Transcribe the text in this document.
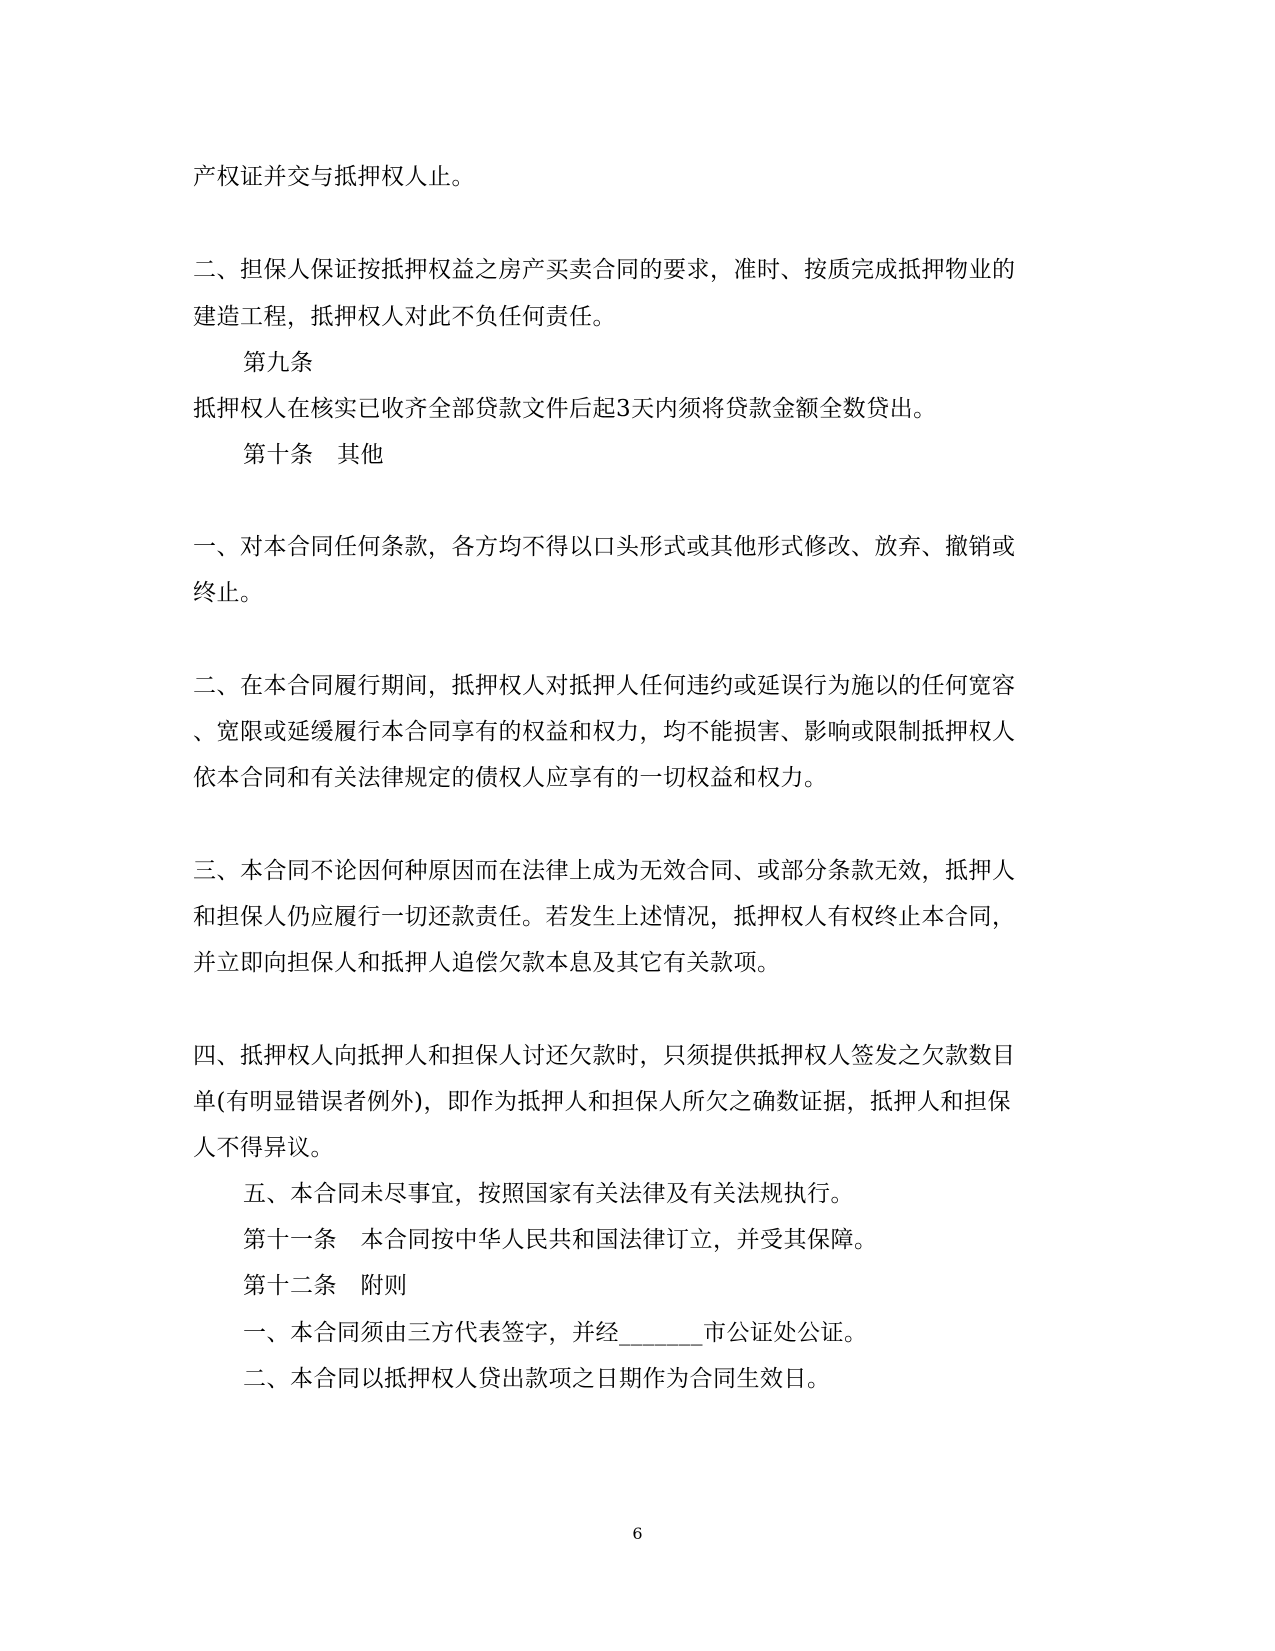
产权证并交与抵押权人止。
二、担保人保证按抵押权益之房产买卖合同的要求，准时、按质完成抵押物业的
建造工程，抵押权人对此不负任何责任。
第九条
抵押权人在核实已收齐全部贷款文件后起3天内须将贷款金额全数贷出。
第十条　其他
一、对本合同任何条款，各方均不得以口头形式或其他形式修改、放弃、撤销或
终止。
二、在本合同履行期间，抵押权人对抵押人任何违约或延误行为施以的任何宽容
、宽限或延缓履行本合同享有的权益和权力，均不能损害、影响或限制抵押权人
依本合同和有关法律规定的债权人应享有的一切权益和权力。
三、本合同不论因何种原因而在法律上成为无效合同、或部分条款无效，抵押人
和担保人仍应履行一切还款责任。若发生上述情况，抵押权人有权终止本合同，
并立即向担保人和抵押人追偿欠款本息及其它有关款项。
四、抵押权人向抵押人和担保人讨还欠款时，只须提供抵押权人签发之欠款数目
单(有明显错误者例外)，即作为抵押人和担保人所欠之确数证据，抵押人和担保
人不得异议。
五、本合同未尽事宜，按照国家有关法律及有关法规执行。
第十一条　本合同按中华人民共和国法律订立，并受其保障。
第十二条　附则
一、本合同须由三方代表签字，并经_______市公证处公证。
二、本合同以抵押权人贷出款项之日期作为合同生效日。
6
